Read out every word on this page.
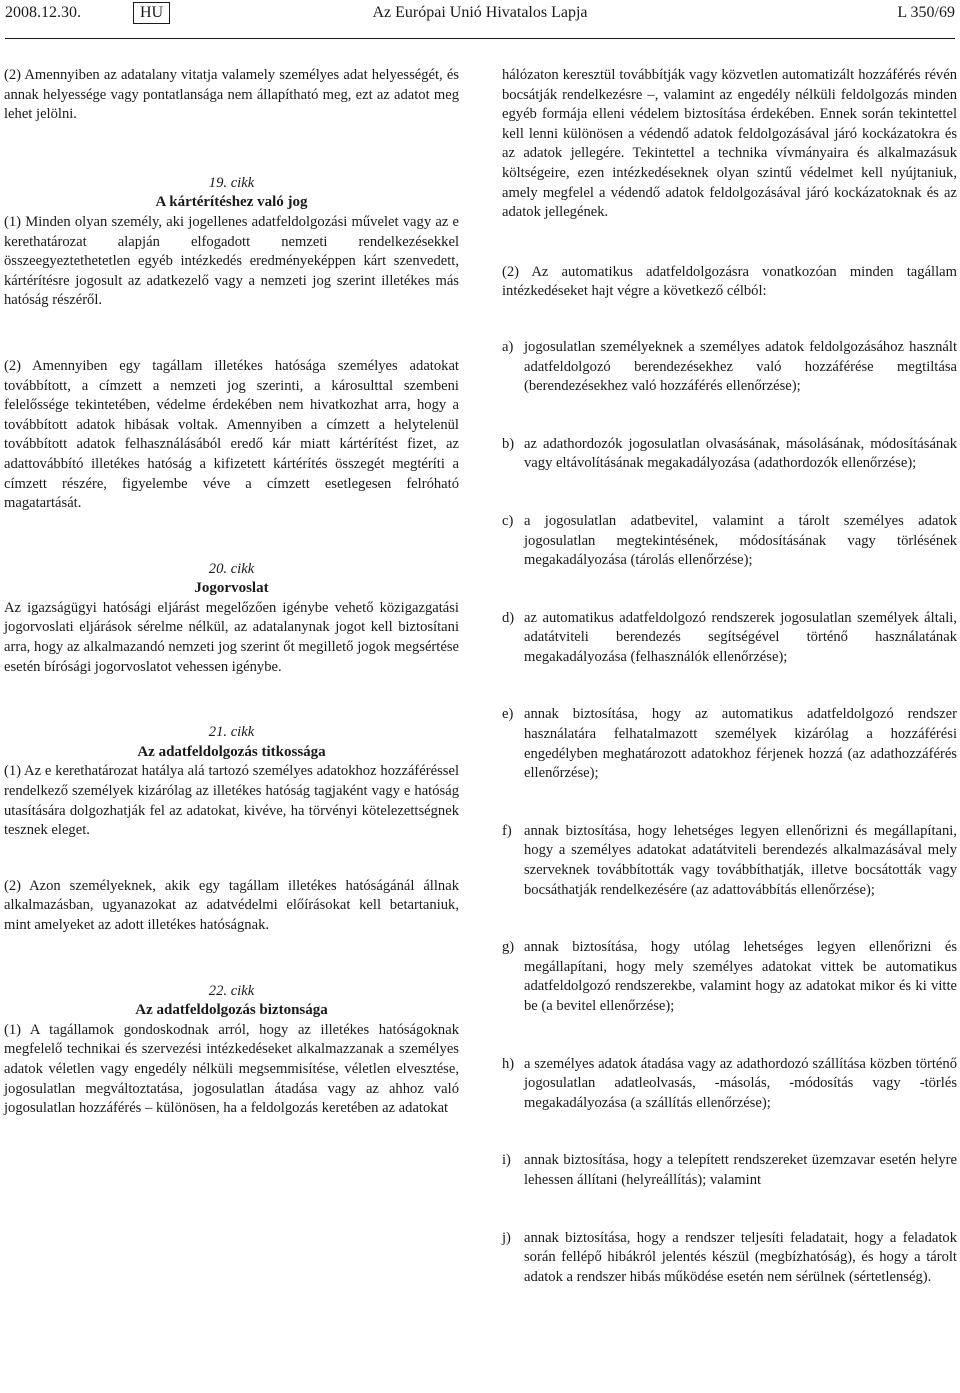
2008.12.30.	HU	Az Európai Unió Hivatalos Lapja	L 350/69

(2) Amennyiben az adatalany vitatja valamely személyes adat helyességét, és annak helyessége vagy pontatlansága nem állapítható meg, ezt az adatot meg lehet jelölni.

19. cikk

A kártérítéshez való jog

(1) Minden olyan személy, aki jogellenes adatfeldolgozási művelet vagy az e kerethatározat alapján elfogadott nemzeti rendelkezésekkel összeegyeztethetetlen egyéb intézkedés eredményeképpen kárt szenvedett, kártérítésre jogosult az adatkezelő vagy a nemzeti jog szerint illetékes más hatóság részéről.

(2) Amennyiben egy tagállam illetékes hatósága személyes adatokat továbbított, a címzett a nemzeti jog szerinti, a károsulttal szembeni felelőssége tekintetében, védelme érdekében nem hivatkozhat arra, hogy a továbbított adatok hibásak voltak. Amennyiben a címzett a helytelenül továbbított adatok felhasználásából eredő kár miatt kártérítést fizet, az adattovábbító illetékes hatóság a kifizetett kártérítés összegét megtéríti a címzett részére, figyelembe véve a címzett esetlegesen felróható magatartását.

20. cikk

Jogorvoslat

Az igazságügyi hatósági eljárást megelőzően igénybe vehető közigazgatási jogorvoslati eljárások sérelme nélkül, az adatalanynak jogot kell biztosítani arra, hogy az alkalmazandó nemzeti jog szerint őt megillető jogok megsértése esetén bírósági jogorvoslatot vehessen igénybe.

21. cikk

Az adatfeldolgozás titkossága

(1) Az e kerethatározat hatálya alá tartozó személyes adatokhoz hozzáféréssel rendelkező személyek kizárólag az illetékes hatóság tagjaként vagy e hatóság utasítására dolgozhatják fel az adatokat, kivéve, ha törvényi kötelezettségnek tesznek eleget.

(2) Azon személyeknek, akik egy tagállam illetékes hatóságánál állnak alkalmazásban, ugyanazokat az adatvédelmi előírásokat kell betartaniuk, mint amelyeket az adott illetékes hatóságnak.

22. cikk

Az adatfeldolgozás biztonsága

(1) A tagállamok gondoskodnak arról, hogy az illetékes hatóságoknak megfelelő technikai és szervezési intézkedéseket alkalmazzanak a személyes adatok véletlen vagy engedély nélküli megsemmisítése, véletlen elvesztése, jogosulatlan megváltoztatása, jogosulatlan átadása vagy az ahhoz való jogosulatlan hozzáférés – különösen, ha a feldolgozás keretében az adatokat

hálózaton keresztül továbbítják vagy közvetlen automatizált hozzáférés révén bocsátják rendelkezésre –, valamint az engedély nélküli feldolgozás minden egyéb formája elleni védelem biztosítása érdekében. Ennek során tekintettel kell lenni különösen a védendő adatok feldolgozásával járó kockázatokra és az adatok jellegére. Tekintettel a technika vívmányaira és alkalmazásuk költségeire, ezen intézkedéseknek olyan szintű védelmet kell nyújtaniuk, amely megfelel a védendő adatok feldolgozásával járó kockázatoknak és az adatok jellegének.

(2) Az automatikus adatfeldolgozásra vonatkozóan minden tagállam intézkedéseket hajt végre a következő célból:

a) jogosulatlan személyeknek a személyes adatok feldolgozásához használt adatfeldolgozó berendezésekhez való hozzáférése megtiltása (berendezésekhez való hozzáférés ellenőrzése);
b) az adathordozók jogosulatlan olvasásának, másolásának, módosításának vagy eltávolításának megakadályozása (adathordozók ellenőrzése);
c) a jogosulatlan adatbevitel, valamint a tárolt személyes adatok jogosulatlan megtekintésének, módosításának vagy törlésének megakadályozása (tárolás ellenőrzése);
d) az automatikus adatfeldolgozó rendszerek jogosulatlan személyek általi, adatátviteli berendezés segítségével történő használatának megakadályozása (felhasználók ellenőrzése);
e) annak biztosítása, hogy az automatikus adatfeldolgozó rendszer használatára felhatalmazott személyek kizárólag a hozzáférési engedélyben meghatározott adatokhoz férjenek hozzá (az adathozzáférés ellenőrzése);
f) annak biztosítása, hogy lehetséges legyen ellenőrizni és megállapítani, hogy a személyes adatokat adatátviteli berendezés alkalmazásával mely szerveknek továbbították vagy továbbíthatják, illetve bocsátották vagy bocsáthatják rendelkezésére (az adattovábbítás ellenőrzése);
g) annak biztosítása, hogy utólag lehetséges legyen ellenőrizni és megállapítani, hogy mely személyes adatokat vittek be automatikus adatfeldolgozó rendszerekbe, valamint hogy az adatokat mikor és ki vitte be (a bevitel ellenőrzése);
h) a személyes adatok átadása vagy az adathordozó szállítása közben történő jogosulatlan adatleolvasás, -másolás, -módosítás vagy -törlés megakadályozása (a szállítás ellenőrzése);
i) annak biztosítása, hogy a telepített rendszereket üzemzavar esetén helyre lehessen állítani (helyreállítás); valamint
j) annak biztosítása, hogy a rendszer teljesíti feladatait, hogy a feladatok során fellépő hibákról jelentés készül (megbízhatóság), és hogy a tárolt adatok a rendszer hibás működése esetén nem sérülnek (sértetlenség).
